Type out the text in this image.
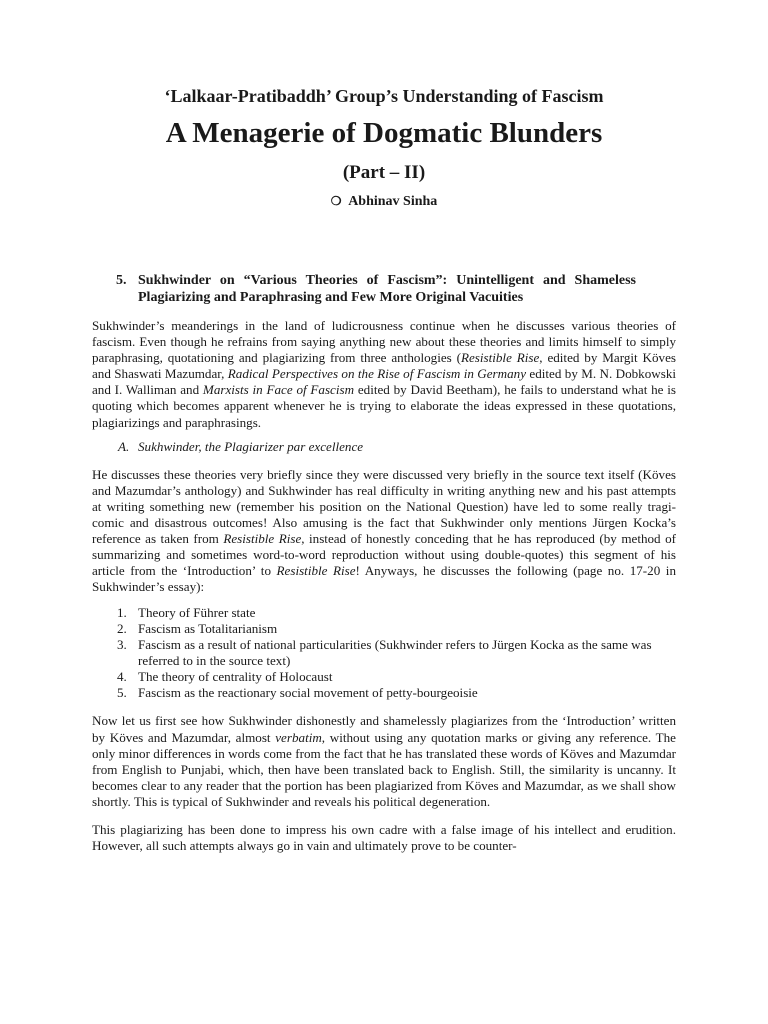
‘Lalkaar-Pratibaddh’ Group’s Understanding of Fascism
A Menagerie of Dogmatic Blunders
(Part – II)
❍ Abhinav Sinha
5. Sukhwinder on “Various Theories of Fascism”: Unintelligent and Shameless Plagiarizing and Paraphrasing and Few More Original Vacuities

Sukhwinder’s meanderings in the land of ludicrousness continue when he discusses various theories of fascism. Even though he refrains from saying anything new about these theories and limits himself to simply paraphrasing, quotationing and plagiarizing from three anthologies (Resistible Rise, edited by Margit Köves and Shaswati Mazumdar, Radical Perspectives on the Rise of Fascism in Germany edited by M. N. Dobkowski and I. Walliman and Marxists in Face of Fascism edited by David Beetham), he fails to understand what he is quoting which becomes apparent whenever he is trying to elaborate the ideas expressed in these quotations, plagiarizings and paraphrasings.

A. Sukhwinder, the Plagiarizer par excellence

He discusses these theories very briefly since they were discussed very briefly in the source text itself (Köves and Mazumdar’s anthology) and Sukhwinder has real difficulty in writing anything new and his past attempts at writing something new (remember his position on the National Question) have led to some really tragi-comic and disastrous outcomes! Also amusing is the fact that Sukhwinder only mentions Jürgen Kocka’s reference as taken from Resistible Rise, instead of honestly conceding that he has reproduced (by method of summarizing and sometimes word-to-word reproduction without using double-quotes) this segment of his article from the ‘Introduction’ to Resistible Rise! Anyways, he discusses the following (page no. 17-20 in Sukhwinder’s essay):

1. Theory of Führer state
2. Fascism as Totalitarianism
3. Fascism as a result of national particularities (Sukhwinder refers to Jürgen Kocka as the same was referred to in the source text)
4. The theory of centrality of Holocaust
5. Fascism as the reactionary social movement of petty-bourgeoisie

Now let us first see how Sukhwinder dishonestly and shamelessly plagiarizes from the ‘Introduction’ written by Köves and Mazumdar, almost verbatim, without using any quotation marks or giving any reference. The only minor differences in words come from the fact that he has translated these words of Köves and Mazumdar from English to Punjabi, which, then have been translated back to English. Still, the similarity is uncanny. It becomes clear to any reader that the portion has been plagiarized from Köves and Mazumdar, as we shall show shortly. This is typical of Sukhwinder and reveals his political degeneration.

This plagiarizing has been done to impress his own cadre with a false image of his intellect and erudition. However, all such attempts always go in vain and ultimately prove to be counter-
